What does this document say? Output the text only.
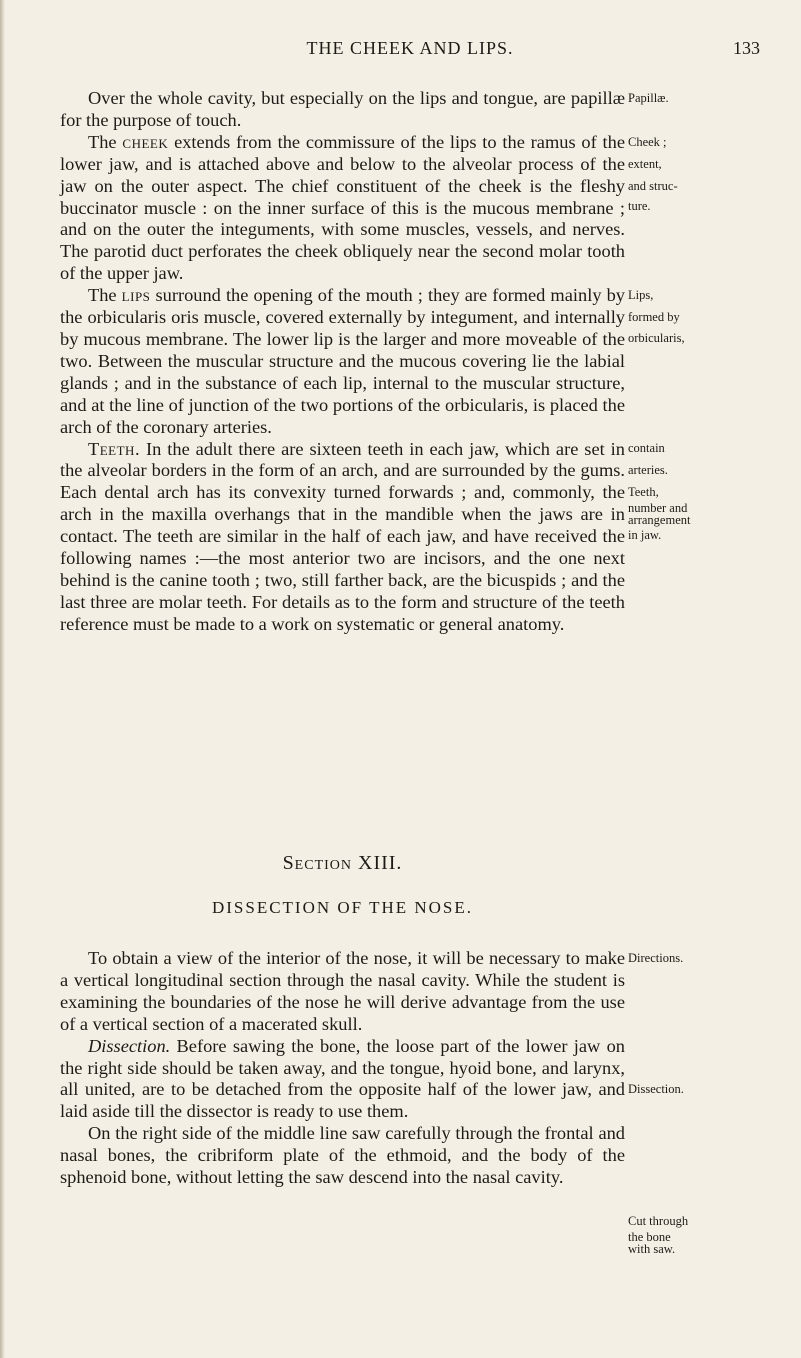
THE CHEEK AND LIPS.	133

Over the whole cavity, but especially on the lips and tongue, are papillæ for the purpose of touch.

The cheek extends from the commissure of the lips to the ramus of the lower jaw, and is attached above and below to the alveolar process of the jaw on the outer aspect. The chief constituent of the cheek is the fleshy buccinator muscle : on the inner surface of this is the mucous membrane ; and on the outer the integuments, with some muscles, vessels, and nerves. The parotid duct perforates the cheek obliquely near the second molar tooth of the upper jaw.

The lips surround the opening of the mouth ; they are formed mainly by the orbicularis oris muscle, covered externally by integument, and internally by mucous membrane. The lower lip is the larger and more moveable of the two. Between the muscular structure and the mucous covering lie the labial glands ; and in the substance of each lip, internal to the muscular structure, and at the line of junction of the two portions of the orbicularis, is placed the arch of the coronary arteries.

Teeth. In the adult there are sixteen teeth in each jaw, which are set in the alveolar borders in the form of an arch, and are surrounded by the gums. Each dental arch has its convexity turned forwards ; and, commonly, the arch in the maxilla overhangs that in the mandible when the jaws are in contact. The teeth are similar in the half of each jaw, and have received the following names :—the most anterior two are incisors, and the one next behind is the canine tooth ; two, still farther back, are the bicuspids ; and the last three are molar teeth. For details as to the form and structure of the teeth reference must be made to a work on systematic or general anatomy.

Papillæ.
Cheek ;
extent,
and struc-
ture.
Lips,
formed by
orbicularis,
contain
arteries.
Teeth,
number and
arrangement
in jaw.
Directions.
Dissection.
Cut through
the bone
with saw.
Section XIII.
DISSECTION OF THE NOSE.

To obtain a view of the interior of the nose, it will be necessary to make a vertical longitudinal section through the nasal cavity. While the student is examining the boundaries of the nose he will derive advantage from the use of a vertical section of a macerated skull.

Dissection. Before sawing the bone, the loose part of the lower jaw on the right side should be taken away, and the tongue, hyoid bone, and larynx, all united, are to be detached from the opposite half of the lower jaw, and laid aside till the dissector is ready to use them.

On the right side of the middle line saw carefully through the frontal and nasal bones, the cribriform plate of the ethmoid, and the body of the sphenoid bone, without letting the saw descend into the nasal cavity.
